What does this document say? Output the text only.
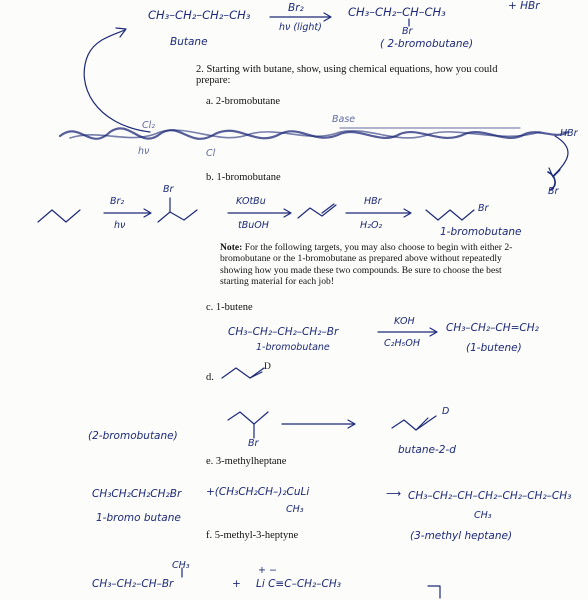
CH₃–CH₂–CH₂–CH₃	Br₂
hν (light)
CH₃–CH₂–CH–CH₃	+ HBr
Br
Butane	( 2-bromobutane)
2. Starting with butane, show, using chemical equations, how you could prepare:
a. 2-bromobutane
Cl₂
hν	Cl
Base
HBr
Br
b. 1-bromobutane
Br₂
hν
Br
KOtBu
tBuOH
HBr
H₂O₂
Br
1-bromobutane
Note: For the following targets, you may also choose to begin with either 2-bromobutane or the 1-bromobutane as prepared above without repeatedly showing how you made these two compounds. Be sure to choose the best starting material for each job!
c. 1-butene
CH₃–CH₂–CH₂–CH₂–Br
1-bromobutane
KOH
C₂H₅OH
CH₃–CH₂–CH=CH₂
(1-butene)
d.
D
(2-bromobutane)
Br
D
butane-2-d
e. 3-methylheptane
CH₃CH₂CH₂CH₂Br +(CH₃CH₂CH–)₂CuLi
CH₃
⟶ CH₃–CH₂–CH–CH₂–CH₂–CH₂–CH₃
CH₃
1-bromo butane
(3-methyl heptane)
f. 5-methyl-3-heptyne
CH₃
CH₃–CH₂–CH–Br	+
+ −
Li C≡C–CH₂–CH₃
